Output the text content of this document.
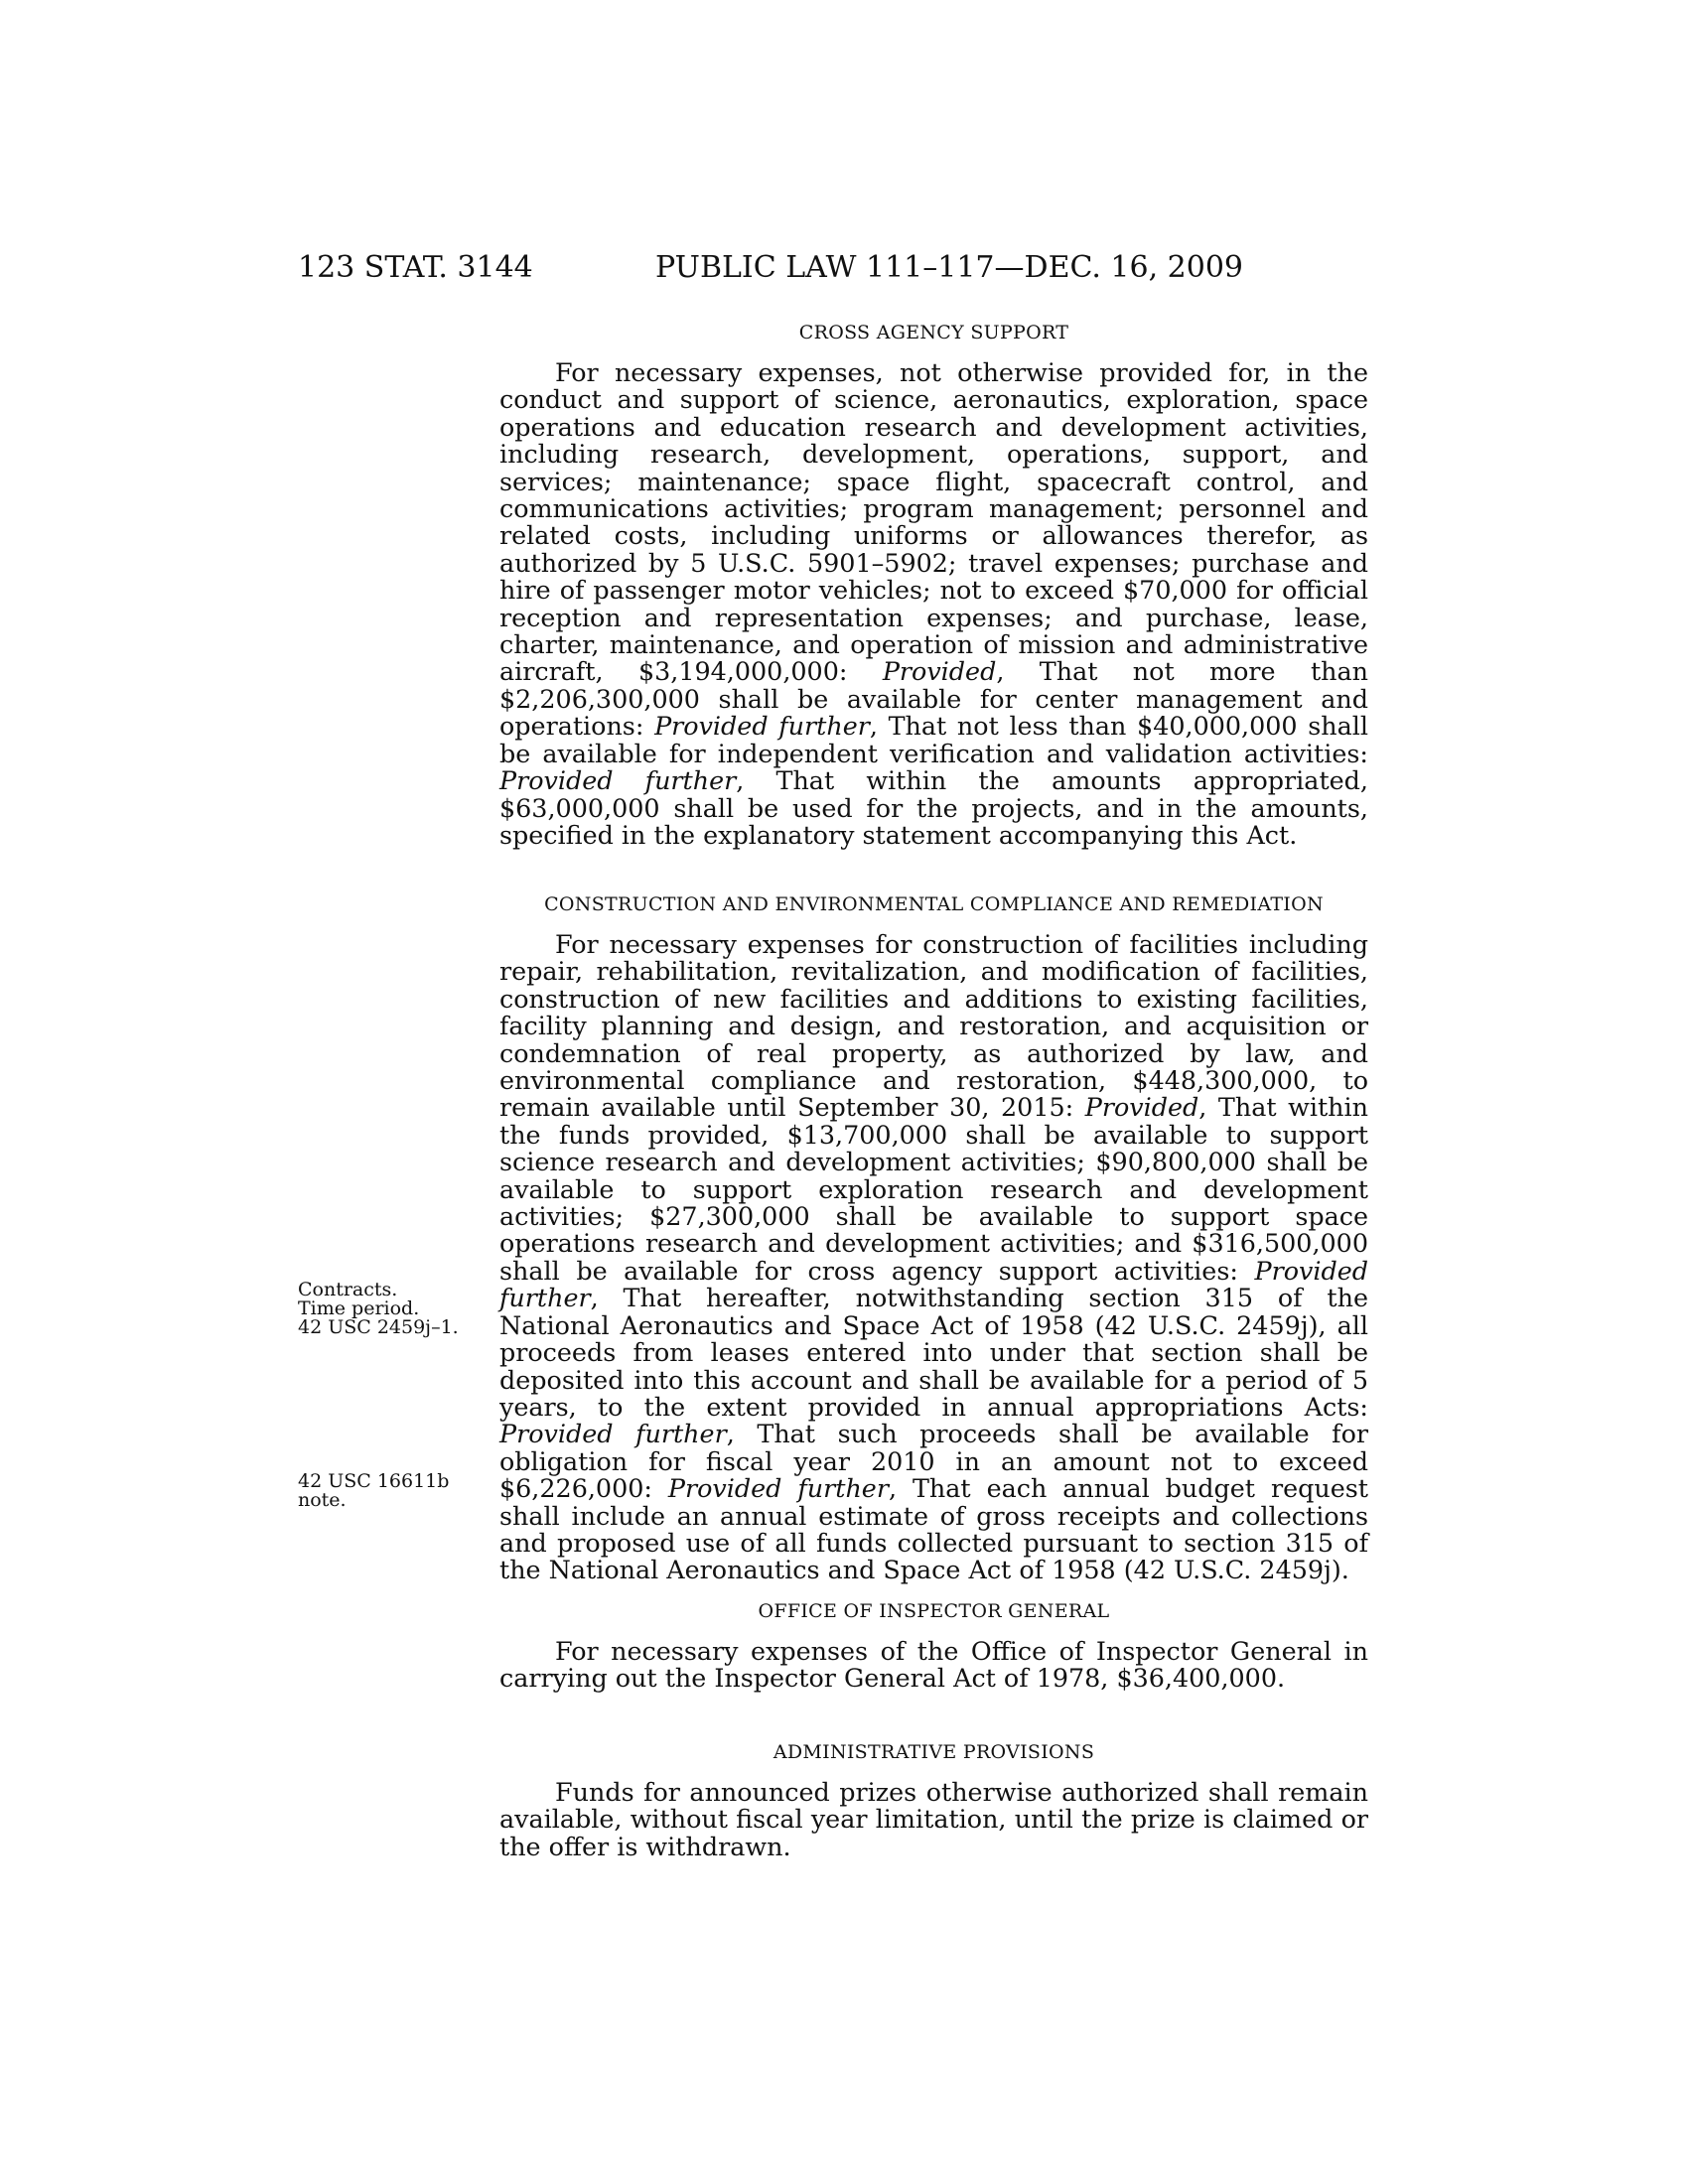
123 STAT. 3144	PUBLIC LAW 111–117—DEC. 16, 2009

CROSS AGENCY SUPPORT

For necessary expenses, not otherwise provided for, in the conduct and support of science, aeronautics, exploration, space operations and education research and development activities, including research, development, operations, support, and services; maintenance; space flight, spacecraft control, and communications activities; program management; personnel and related costs, including uniforms or allowances therefor, as authorized by 5 U.S.C. 5901–5902; travel expenses; purchase and hire of passenger motor vehicles; not to exceed $70,000 for official reception and representation expenses; and purchase, lease, charter, maintenance, and operation of mission and administrative aircraft, $3,194,000,000: Provided, That not more than $2,206,300,000 shall be available for center management and operations: Provided further, That not less than $40,000,000 shall be available for independent verification and validation activities: Provided further, That within the amounts appropriated, $63,000,000 shall be used for the projects, and in the amounts, specified in the explanatory statement accompanying this Act.

CONSTRUCTION AND ENVIRONMENTAL COMPLIANCE AND REMEDIATION

For necessary expenses for construction of facilities including repair, rehabilitation, revitalization, and modification of facilities, construction of new facilities and additions to existing facilities, facility planning and design, and restoration, and acquisition or condemnation of real property, as authorized by law, and environmental compliance and restoration, $448,300,000, to remain available until September 30, 2015: Provided, That within the funds provided, $13,700,000 shall be available to support science research and development activities; $90,800,000 shall be available to support exploration research and development activities; $27,300,000 shall be available to support space operations research and development activities; and $316,500,000 shall be available for cross agency support activities: Provided further, That hereafter, notwithstanding section 315 of the National Aeronautics and Space Act of 1958 (42 U.S.C. 2459j), all proceeds from leases entered into under that section shall be deposited into this account and shall be available for a period of 5 years, to the extent provided in annual appropriations Acts: Provided further, That such proceeds shall be available for obligation for fiscal year 2010 in an amount not to exceed $6,226,000: Provided further, That each annual budget request shall include an annual estimate of gross receipts and collections and proposed use of all funds collected pursuant to section 315 of the National Aeronautics and Space Act of 1958 (42 U.S.C. 2459j).

OFFICE OF INSPECTOR GENERAL

For necessary expenses of the Office of Inspector General in carrying out the Inspector General Act of 1978, $36,400,000.

ADMINISTRATIVE PROVISIONS

Funds for announced prizes otherwise authorized shall remain available, without fiscal year limitation, until the prize is claimed or the offer is withdrawn.

Contracts.
Time period.
42 USC 2459j–1.
42 USC 16611b
note.
